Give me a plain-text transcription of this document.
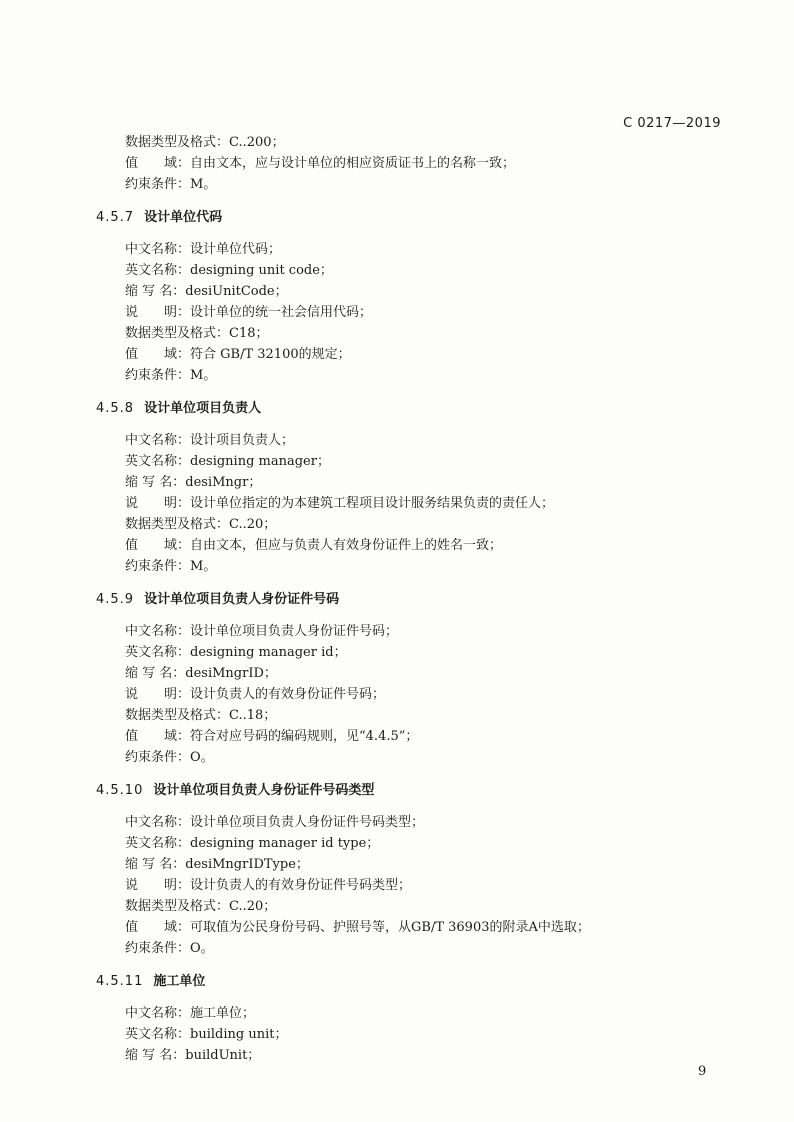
C 0217—2019
数据类型及格式：C..200；
值　　域：自由文本，应与设计单位的相应资质证书上的名称一致；
约束条件：M。
4.5.7 设计单位代码
中文名称：设计单位代码；
英文名称：designing unit code；
缩 写 名：desiUnitCode；
说　　明：设计单位的统一社会信用代码；
数据类型及格式：C18；
值　　域：符合 GB/T 32100的规定；
约束条件：M。
4.5.8 设计单位项目负责人
中文名称：设计项目负责人；
英文名称：designing manager；
缩 写 名：desiMngr；
说　　明：设计单位指定的为本建筑工程项目设计服务结果负责的责任人；
数据类型及格式：C..20；
值　　域：自由文本，但应与负责人有效身份证件上的姓名一致；
约束条件：M。
4.5.9 设计单位项目负责人身份证件号码
中文名称：设计单位项目负责人身份证件号码；
英文名称：designing manager id；
缩 写 名：desiMngrID；
说　　明：设计负责人的有效身份证件号码；
数据类型及格式：C..18；
值　　域：符合对应号码的编码规则，见“4.4.5”；
约束条件：O。
4.5.10 设计单位项目负责人身份证件号码类型
中文名称：设计单位项目负责人身份证件号码类型；
英文名称：designing manager id type；
缩 写 名：desiMngrIDType；
说　　明：设计负责人的有效身份证件号码类型；
数据类型及格式：C..20；
值　　域：可取值为公民身份号码、护照号等，从GB/T 36903的附录A中选取；
约束条件：O。
4.5.11 施工单位
中文名称：施工单位；
英文名称：building unit；
缩 写 名：buildUnit；
9
